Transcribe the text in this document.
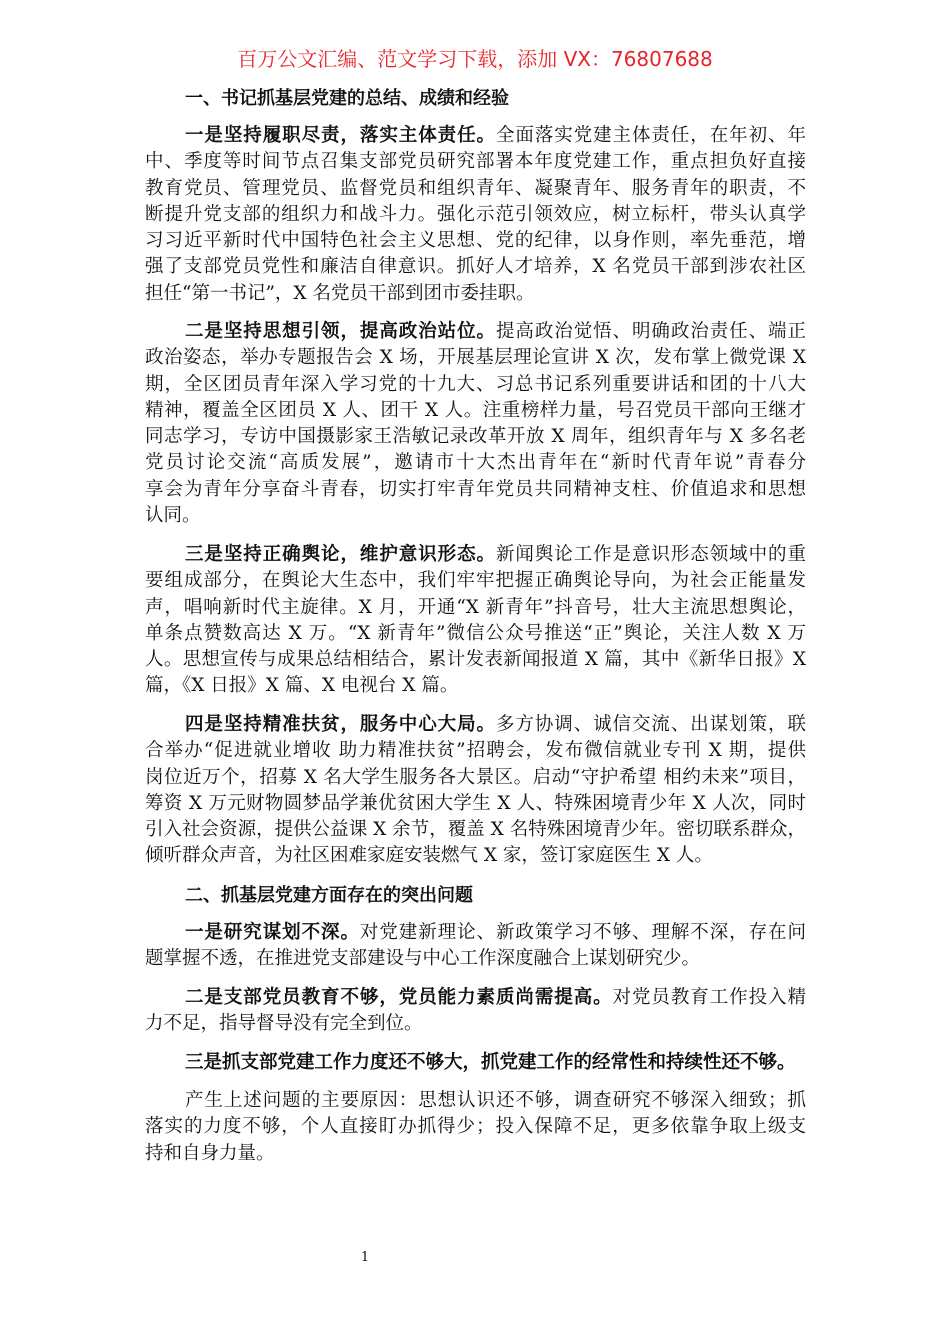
百万公文汇编、范文学习下载，添加 VX：76807688
一、书记抓基层党建的总结、成绩和经验
二、抓基层党建方面存在的突出问题
一是坚持履职尽责，落实主体责任。全面落实党建主体责任，在年初、年
中、季度等时间节点召集支部党员研究部署本年度党建工作，重点担负好直接
教育党员、管理党员、监督党员和组织青年、凝聚青年、服务青年的职责，不
断提升党支部的组织力和战斗力。强化示范引领效应，树立标杆，带头认真学
习习近平新时代中国特色社会主义思想、党的纪律，以身作则，率先垂范，增
强了支部党员党性和廉洁自律意识。抓好人才培养，X 名党员干部到涉农社区
担任“第一书记”，X 名党员干部到团市委挂职。
二是坚持思想引领，提高政治站位。提高政治觉悟、明确政治责任、端正
政治姿态，举办专题报告会 X 场，开展基层理论宣讲 X 次，发布掌上微党课 X
期，全区团员青年深入学习党的十九大、习总书记系列重要讲话和团的十八大
精神，覆盖全区团员 X 人、团干 X 人。注重榜样力量，号召党员干部向王继才
同志学习，专访中国摄影家王浩敏记录改革开放 X 周年，组织青年与 X 多名老
党员讨论交流“高质发展”，邀请市十大杰出青年在“新时代青年说”青春分
享会为青年分享奋斗青春，切实打牢青年党员共同精神支柱、价值追求和思想
认同。
三是坚持正确舆论，维护意识形态。新闻舆论工作是意识形态领域中的重
要组成部分，在舆论大生态中，我们牢牢把握正确舆论导向，为社会正能量发
声，唱响新时代主旋律。X 月，开通“X 新青年”抖音号，壮大主流思想舆论，
单条点赞数高达 X 万。“X 新青年”微信公众号推送“正”舆论，关注人数 X 万
人。思想宣传与成果总结相结合，累计发表新闻报道 X 篇，其中《新华日报》X
篇，《X 日报》X 篇、X 电视台 X 篇。
四是坚持精准扶贫，服务中心大局。多方协调、诚信交流、出谋划策，联
合举办“促进就业增收 助力精准扶贫”招聘会，发布微信就业专刊 X 期，提供
岗位近万个，招募 X 名大学生服务各大景区。启动“守护希望 相约未来”项目，
筹资 X 万元财物圆梦品学兼优贫困大学生 X 人、特殊困境青少年 X 人次，同时
引入社会资源，提供公益课 X 余节，覆盖 X 名特殊困境青少年。密切联系群众，
倾听群众声音，为社区困难家庭安装燃气 X 家，签订家庭医生 X 人。
一是研究谋划不深。对党建新理论、新政策学习不够、理解不深，存在问
题掌握不透，在推进党支部建设与中心工作深度融合上谋划研究少。
二是支部党员教育不够，党员能力素质尚需提高。对党员教育工作投入精
力不足，指导督导没有完全到位。
三是抓支部党建工作力度还不够大，抓党建工作的经常性和持续性还不够。
产生上述问题的主要原因：思想认识还不够，调查研究不够深入细致；抓
落实的力度不够，个人直接盯办抓得少；投入保障不足，更多依靠争取上级支
持和自身力量。
1
